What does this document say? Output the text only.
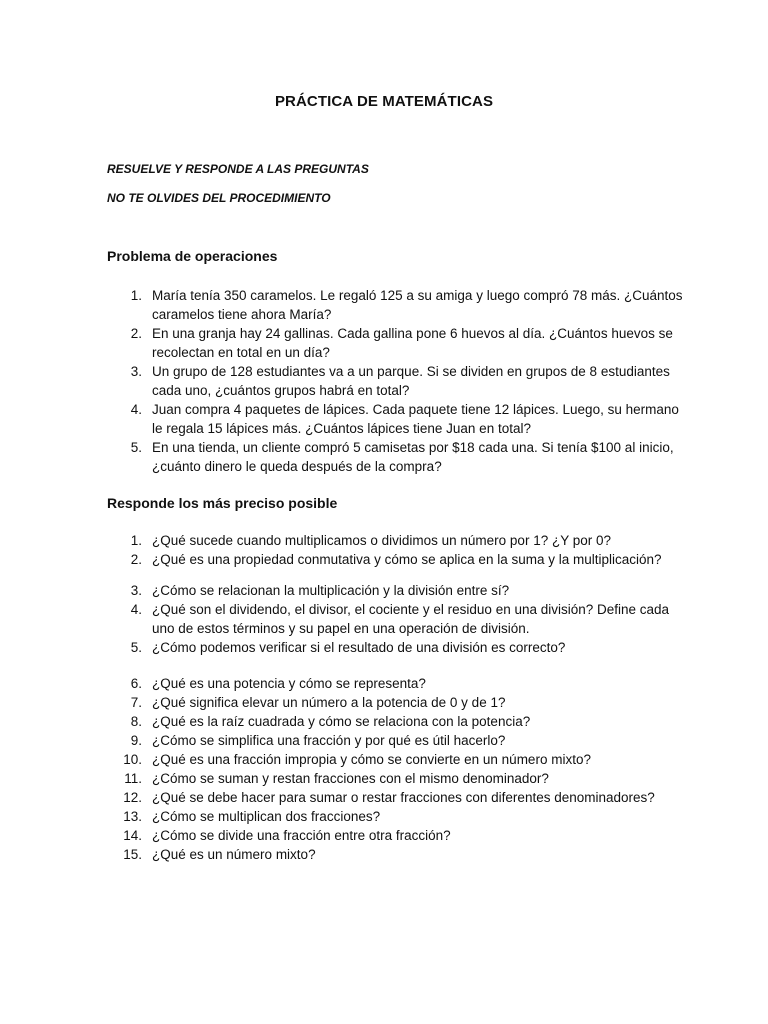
PRÁCTICA DE MATEMÁTICAS
RESUELVE Y RESPONDE A LAS PREGUNTAS
NO TE OLVIDES DEL PROCEDIMIENTO
Problema de operaciones
1. María tenía 350 caramelos. Le regaló 125 a su amiga y luego compró 78 más. ¿Cuántos caramelos tiene ahora María?
2. En una granja hay 24 gallinas. Cada gallina pone 6 huevos al día. ¿Cuántos huevos se recolectan en total en un día?
3. Un grupo de 128 estudiantes va a un parque. Si se dividen en grupos de 8 estudiantes cada uno, ¿cuántos grupos habrá en total?
4. Juan compra 4 paquetes de lápices. Cada paquete tiene 12 lápices. Luego, su hermano le regala 15 lápices más. ¿Cuántos lápices tiene Juan en total?
5. En una tienda, un cliente compró 5 camisetas por $18 cada una. Si tenía $100 al inicio, ¿cuánto dinero le queda después de la compra?
Responde los más preciso posible
1. ¿Qué sucede cuando multiplicamos o dividimos un número por 1? ¿Y por 0?
2. ¿Qué es una propiedad conmutativa y cómo se aplica en la suma y la multiplicación?
3. ¿Cómo se relacionan la multiplicación y la división entre sí?
4. ¿Qué son el dividendo, el divisor, el cociente y el residuo en una división? Define cada uno de estos términos y su papel en una operación de división.
5. ¿Cómo podemos verificar si el resultado de una división es correcto?
6. ¿Qué es una potencia y cómo se representa?
7. ¿Qué significa elevar un número a la potencia de 0 y de 1?
8. ¿Qué es la raíz cuadrada y cómo se relaciona con la potencia?
9. ¿Cómo se simplifica una fracción y por qué es útil hacerlo?
10. ¿Qué es una fracción impropia y cómo se convierte en un número mixto?
11. ¿Cómo se suman y restan fracciones con el mismo denominador?
12. ¿Qué se debe hacer para sumar o restar fracciones con diferentes denominadores?
13. ¿Cómo se multiplican dos fracciones?
14. ¿Cómo se divide una fracción entre otra fracción?
15. ¿Qué es un número mixto?
